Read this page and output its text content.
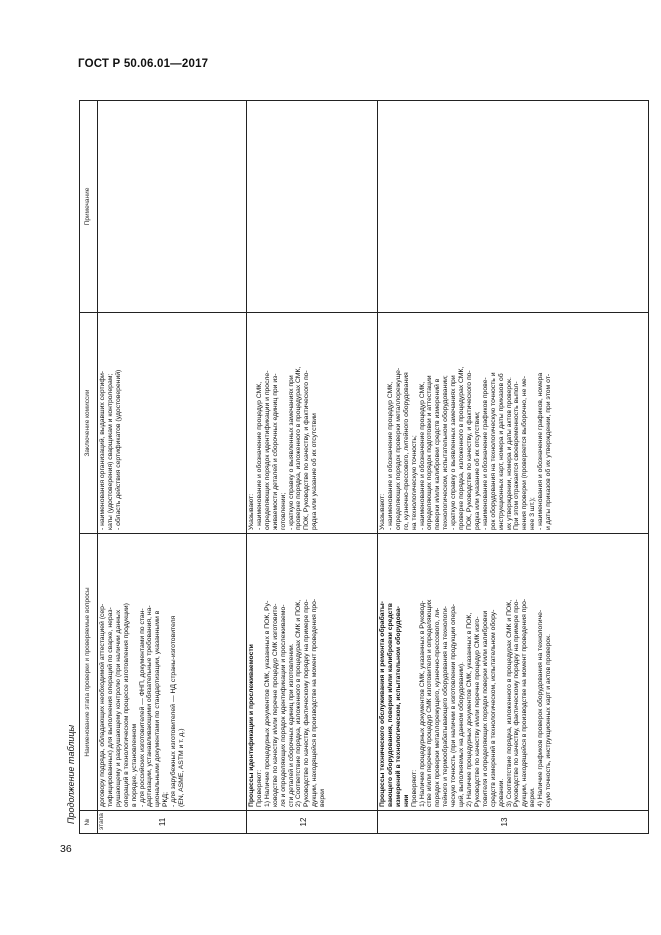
ГОСТ Р 50.06.01—2017
Продолжение таблицы	№ этапа
Наименование этапа проверки и проверяемые вопросы
Заключение комиссии
Примечание
11
договору подряда, обладающих необходимой аттестацией (сер- тифицированных) для выполнения операций по сварке, нераз- рушающему и разрушающему контролю (при наличии данных операций в технологическом процессе изготовления продукции) в порядке, установленном - для российских изготовителей — ФНП, документами по стан- дартизации, устанавливающими обязательные требования, на- циональными документами по стандартизации, указанными в РКД; - для зарубежных изготовителей — НД страны-изготовителя (EN, ASME, ASTM и т. д.)
- наименования организаций, выдавших сертифи- каты (удостоверения) сварщикам и контролерам; - область действия сертификатов (удостоверений)
12
Процессы идентификации и прослеживаемости Проверяют: 1) Наличие процедурных документов СМК, указанных в ПОК, Ру- ководстве по качеству и/или перечне процедур СМК изготовите- ля и определяющих порядок идентификации и прослеживаемо- сти деталей и сборочных единиц при изготовлении. 2) Соответствие порядка, изложенного в процедурах СМК и ПОК, Руководстве по качеству, фактическому порядку на примере про- дукции, находящейся в производстве на момент проведения про- верки
Указывают: - наименование и обозначение процедур СМК, определяющих порядок идентификации и просле- живаемости деталей и сборочных единиц при из- готовлении; - краткую справку о выявленных замечаниях при проверке порядка, изложенного в процедурах СМК, ПОК, Руководстве по качеству, и фактического по- рядка или указание об их отсутствии
13
Процессы технического обслуживания и ремонта обрабаты- вающего оборудования, поверки и/или калибровки средств измерений в технологическом, испытательном оборудова- нии Проверяют: 1) Наличие процедурных документов СМК, указанных в Руковод- стве и/или перечне процедур СМК изготовителя и определяющих порядок проверки металлорежущего, кузнечно-прессового, ли- тейного и термообрабатывающего оборудования на технологи- ческую точность (при наличии в изготовлении продукции опера- ций, выполняемых на данном оборудовании). 2) Наличие процедурных документов СМК, указанных в ПОК, Руководстве по качеству и/или перечне процедур СМК изго- товителя и определяющих порядок поверки и/или калибровки средств измерений в технологическом, испытательном обору- довании. 3) Соответствие порядка, изложенного в процедурах СМК и ПОК, Руководстве по качеству, фактическому порядку на примере про- дукции, находящейся в производстве на момент проведения про- верки. 4) Наличие графиков проверок оборудования на технологиче- скую точность, инструкционных карт и актов проверок.
Указывают: - наименование и обозначение процедур СМК, определяющих порядок проверки металлорежуще- го, кузнечно-прессового, литейного оборудования на технологическую точность; - наименование и обозначение процедур СМК, определяющих порядок подготовки и аттестации поверки и/или калибровки средств измерений в технологическом, испытательном оборудовании; - краткую справку о выявленных замечаниях при проверке порядка, изложенного в процедурах СМК, ПОК, Руководстве по качеству, и фактического по- рядка или указание об их отсутствии; - наименование и обозначение графиков прове- рок оборудования на технологическую точность и инструкционных карт, номера и даты приказов об их утверждении, номера и даты актов проверок. При этом отражается своевременность выпол- нения проверки (проверяется выборочно, не ме- нее 3 шт.); - наименования и обозначение графиков, номера и даты приказов об их утверждении, при этом от-
36
